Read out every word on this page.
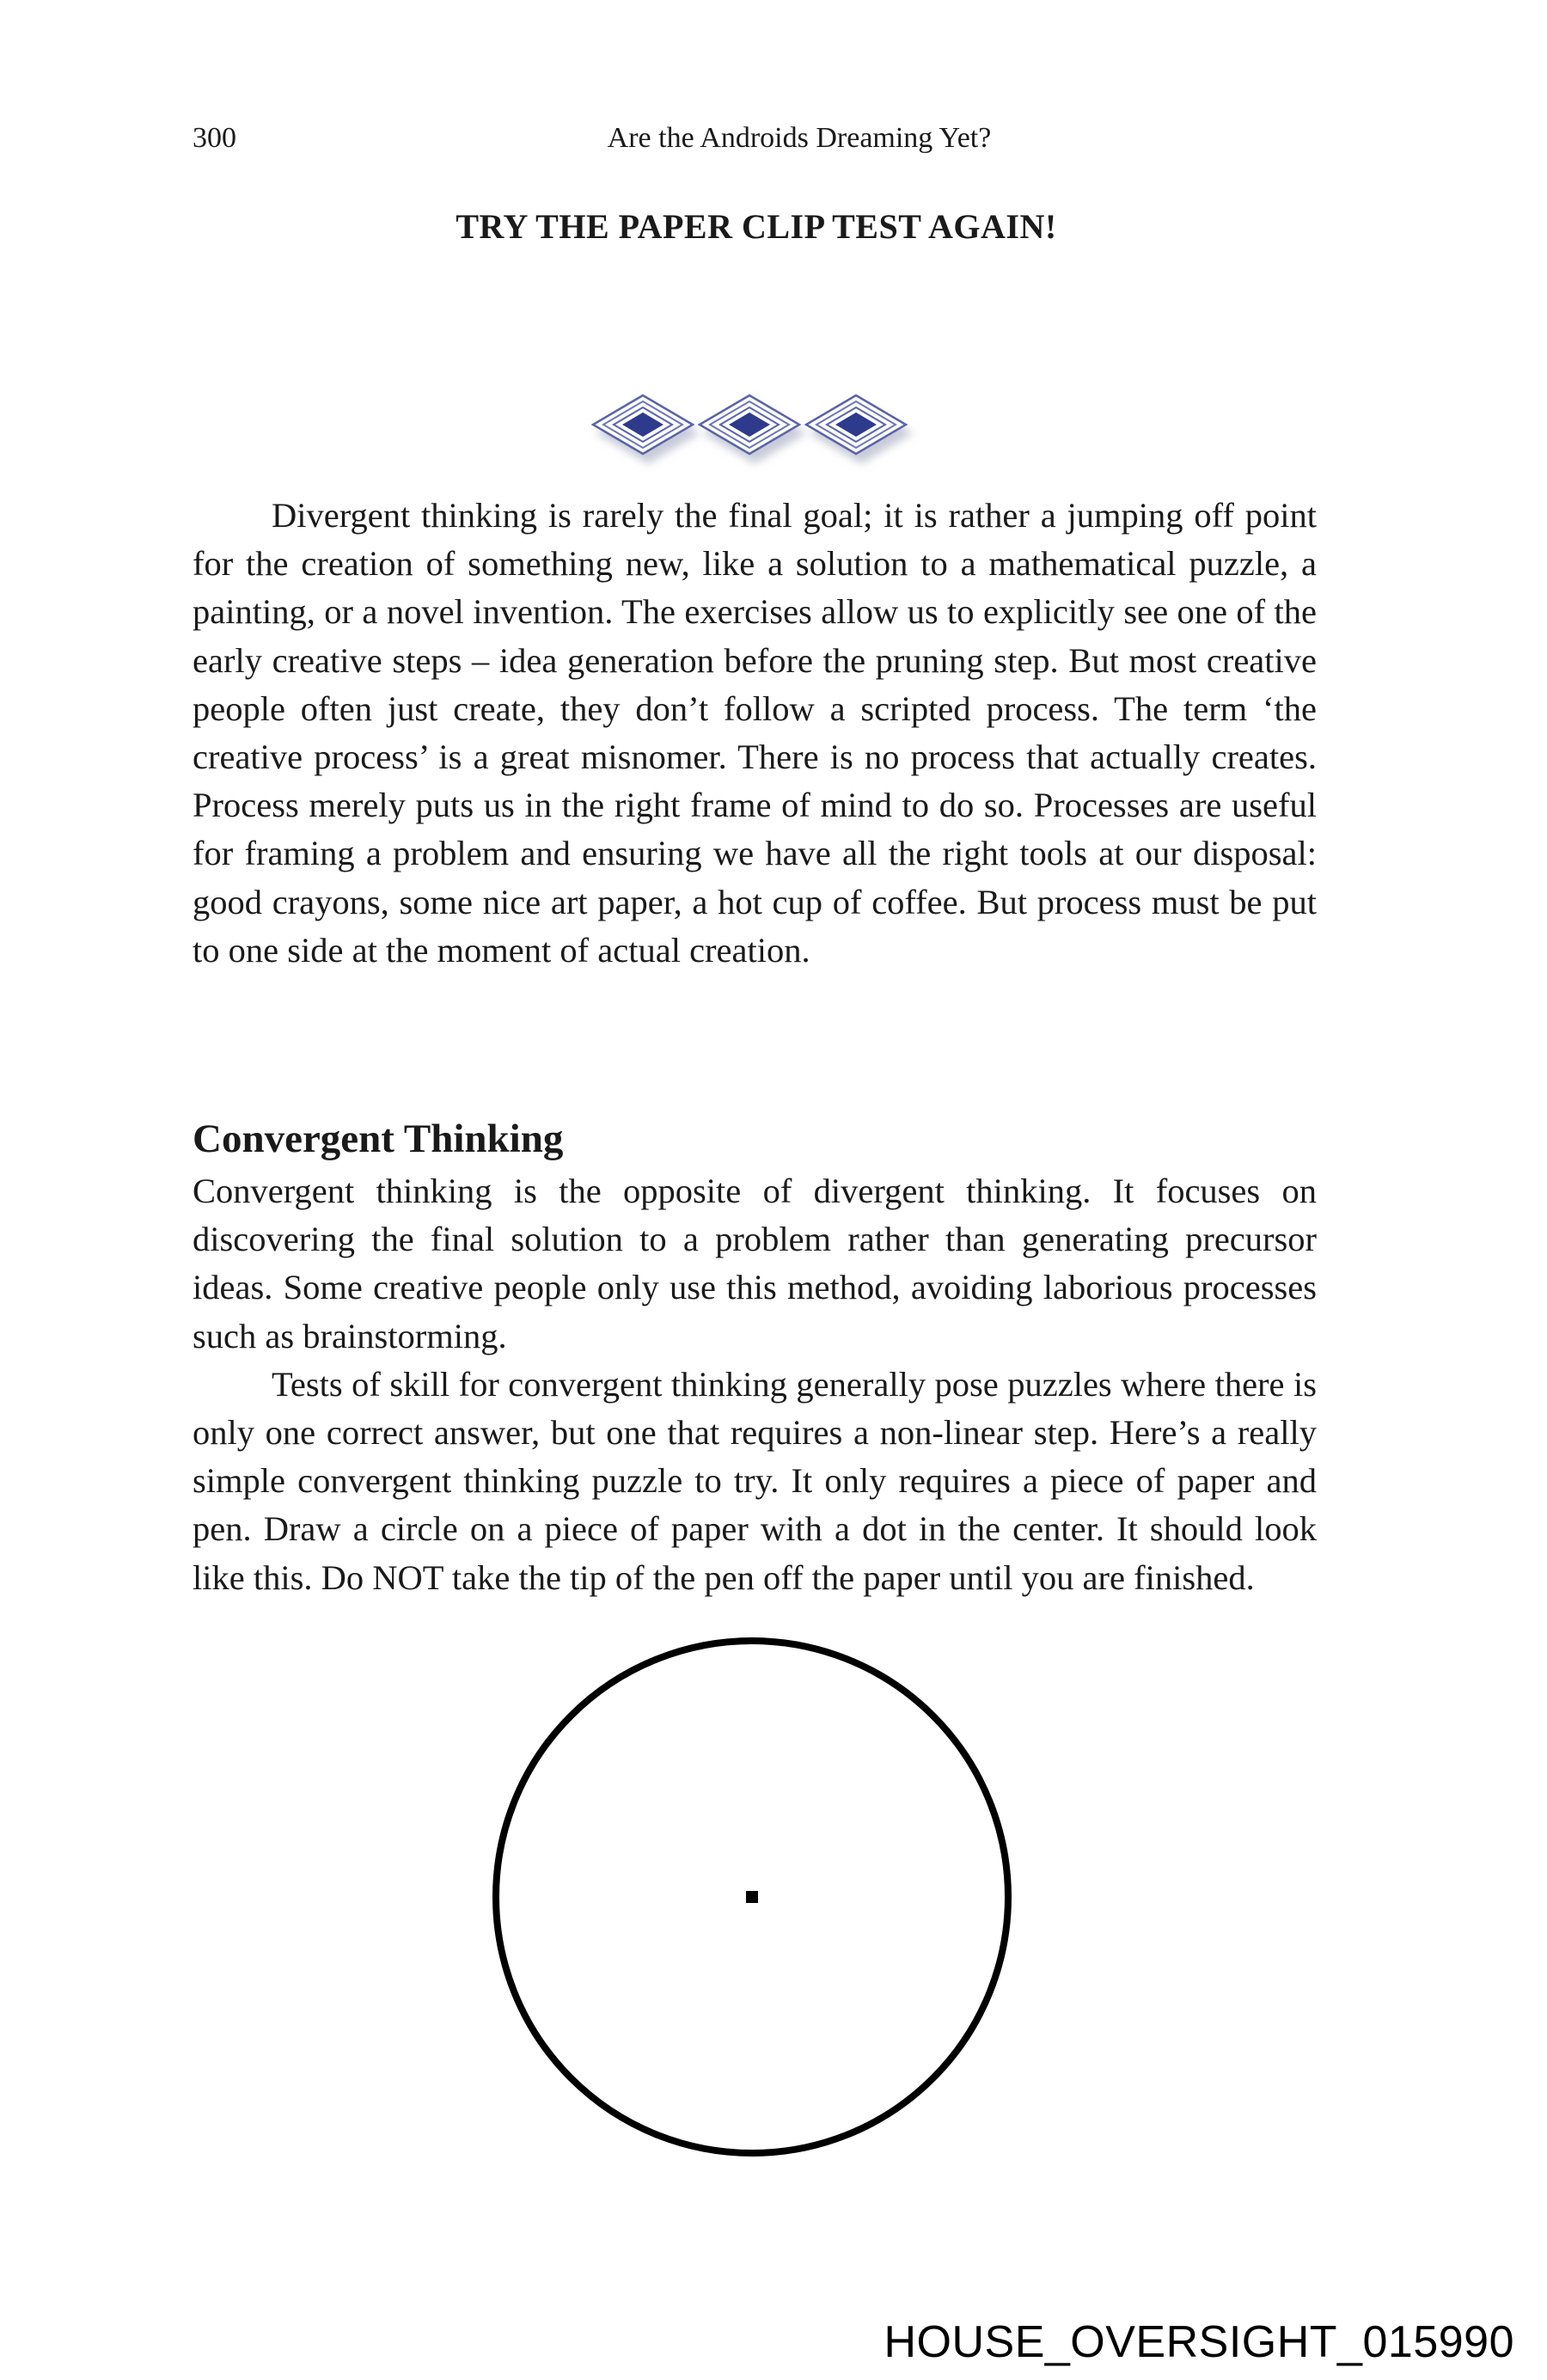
300	Are the Androids Dreaming Yet?
TRY THE PAPER CLIP TEST AGAIN!

Divergent thinking is rarely the final goal; it is rather a jumping off point for the creation of something new, like a solution to a mathematical puzzle, a painting, or a novel invention. The exercises allow us to explicitly see one of the early creative steps – idea generation before the pruning step. But most creative people often just create, they don’t follow a scripted process. The term ‘the creative process’ is a great misnomer. There is no process that actually creates. Process merely puts us in the right frame of mind to do so. Processes are useful for framing a problem and ensuring we have all the right tools at our disposal: good crayons, some nice art paper, a hot cup of coffee. But process must be put to one side at the moment of actual creation.

Convergent Thinking

Convergent thinking is the opposite of divergent thinking. It focuses on discovering the final solution to a problem rather than generating precursor ideas. Some creative people only use this method, avoiding laborious processes such as brainstorming.

Tests of skill for convergent thinking generally pose puzzles where there is only one correct answer, but one that requires a non-linear step. Here’s a really simple convergent thinking puzzle to try. It only requires a piece of paper and pen. Draw a circle on a piece of paper with a dot in the center. It should look like this. Do NOT take the tip of the pen off the paper until you are finished.

HOUSE_OVERSIGHT_015990
